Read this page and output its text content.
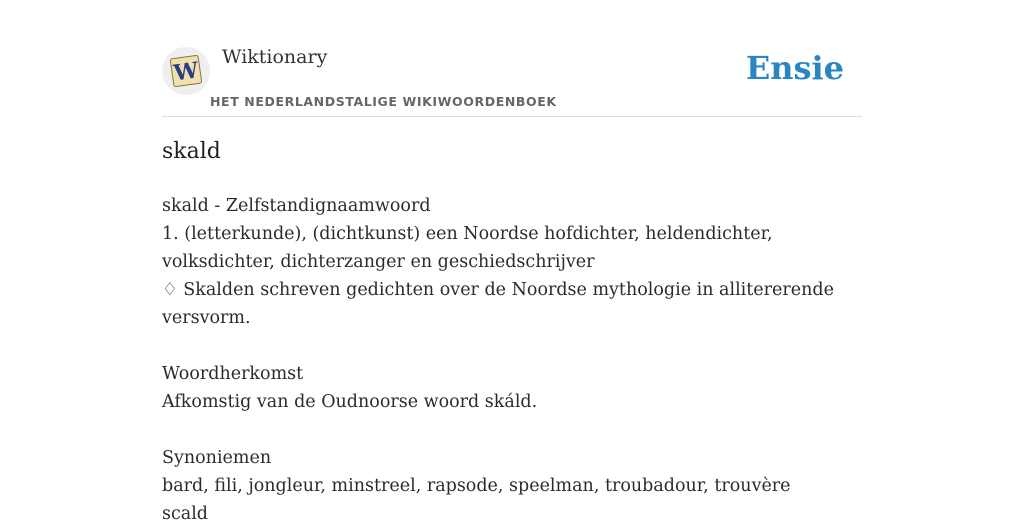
W
Wiktionary
HET NEDERLANDSTALIGE WIKIWOORDENBOEK
Ensie
skald

skald - Zelfstandignaamwoord

1. (letterkunde), (dichtkunst) een Noordse hofdichter, heldendichter,

volksdichter, dichterzanger en geschiedschrijver

♢ Skalden schreven gedichten over de Noordse mythologie in allitererende

versvorm.

Woordherkomst

Afkomstig van de Oudnoorse woord skáld.

Synoniemen

bard, fili, jongleur, minstreel, rapsode, speelman, troubadour, trouvère

scald
